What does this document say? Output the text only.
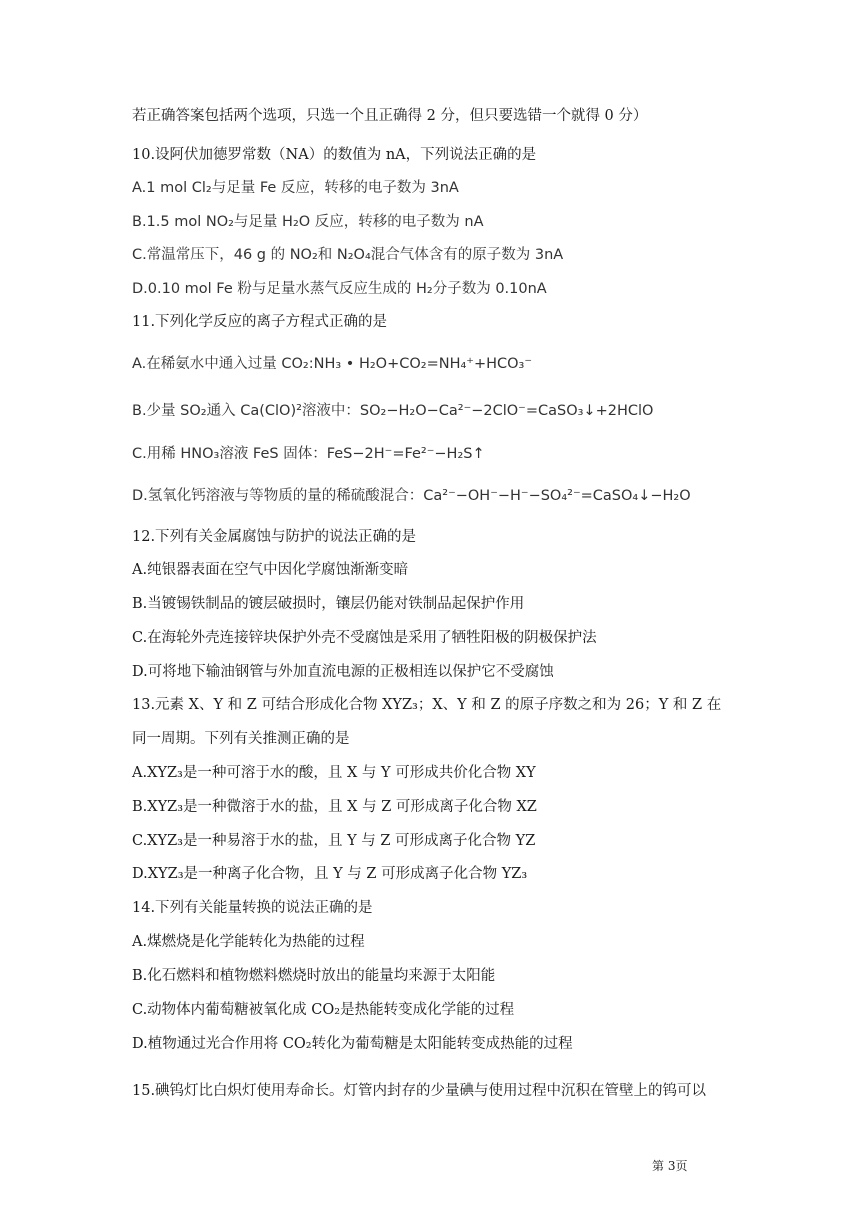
若正确答案包括两个选项，只选一个且正确得 2 分，但只要选错一个就得 0 分）
10.设阿伏加德罗常数（NA）的数值为 nA，下列说法正确的是
A.1 mol Cl₂与足量 Fe 反应，转移的电子数为 3nA
B.1.5 mol NO₂与足量 H₂O 反应，转移的电子数为 nA
C.常温常压下，46 g 的 NO₂和 N₂O₄混合气体含有的原子数为 3nA
D.0.10 mol Fe 粉与足量水蒸气反应生成的 H₂分子数为 0.10nA
11.下列化学反应的离子方程式正确的是
A.在稀氨水中通入过量 CO₂:NH₃ • H₂O+CO₂=NH₄⁺+HCO₃⁻
B.少量 SO₂通入 Ca(ClO)²溶液中：SO₂−H₂O−Ca²⁻−2ClO⁻=CaSO₃↓+2HClO
C.用稀 HNO₃溶液 FeS 固体：FeS−2H⁻=Fe²⁻−H₂S↑
D.氢氧化钙溶液与等物质的量的稀硫酸混合：Ca²⁻−OH⁻−H⁻−SO₄²⁻=CaSO₄↓−H₂O
12.下列有关金属腐蚀与防护的说法正确的是
A.纯银器表面在空气中因化学腐蚀渐渐变暗
B.当镀锡铁制品的镀层破损时，镶层仍能对铁制品起保护作用
C.在海轮外壳连接锌块保护外壳不受腐蚀是采用了牺牲阳极的阴极保护法
D.可将地下输油钢管与外加直流电源的正极相连以保护它不受腐蚀
13.元素 X、Y 和 Z 可结合形成化合物 XYZ₃；X、Y 和 Z 的原子序数之和为 26；Y 和 Z 在
同一周期。下列有关推测正确的是
A.XYZ₃是一种可溶于水的酸，且 X 与 Y 可形成共价化合物 XY
B.XYZ₃是一种微溶于水的盐，且 X 与 Z 可形成离子化合物 XZ
C.XYZ₃是一种易溶于水的盐，且 Y 与 Z 可形成离子化合物 YZ
D.XYZ₃是一种离子化合物，且 Y 与 Z 可形成离子化合物 YZ₃
14.下列有关能量转换的说法正确的是
A.煤燃烧是化学能转化为热能的过程
B.化石燃料和植物燃料燃烧时放出的能量均来源于太阳能
C.动物体内葡萄糖被氧化成 CO₂是热能转变成化学能的过程
D.植物通过光合作用将 CO₂转化为葡萄糖是太阳能转变成热能的过程
15.碘钨灯比白炽灯使用寿命长。灯管内封存的少量碘与使用过程中沉积在管壁上的钨可以
第 3页
